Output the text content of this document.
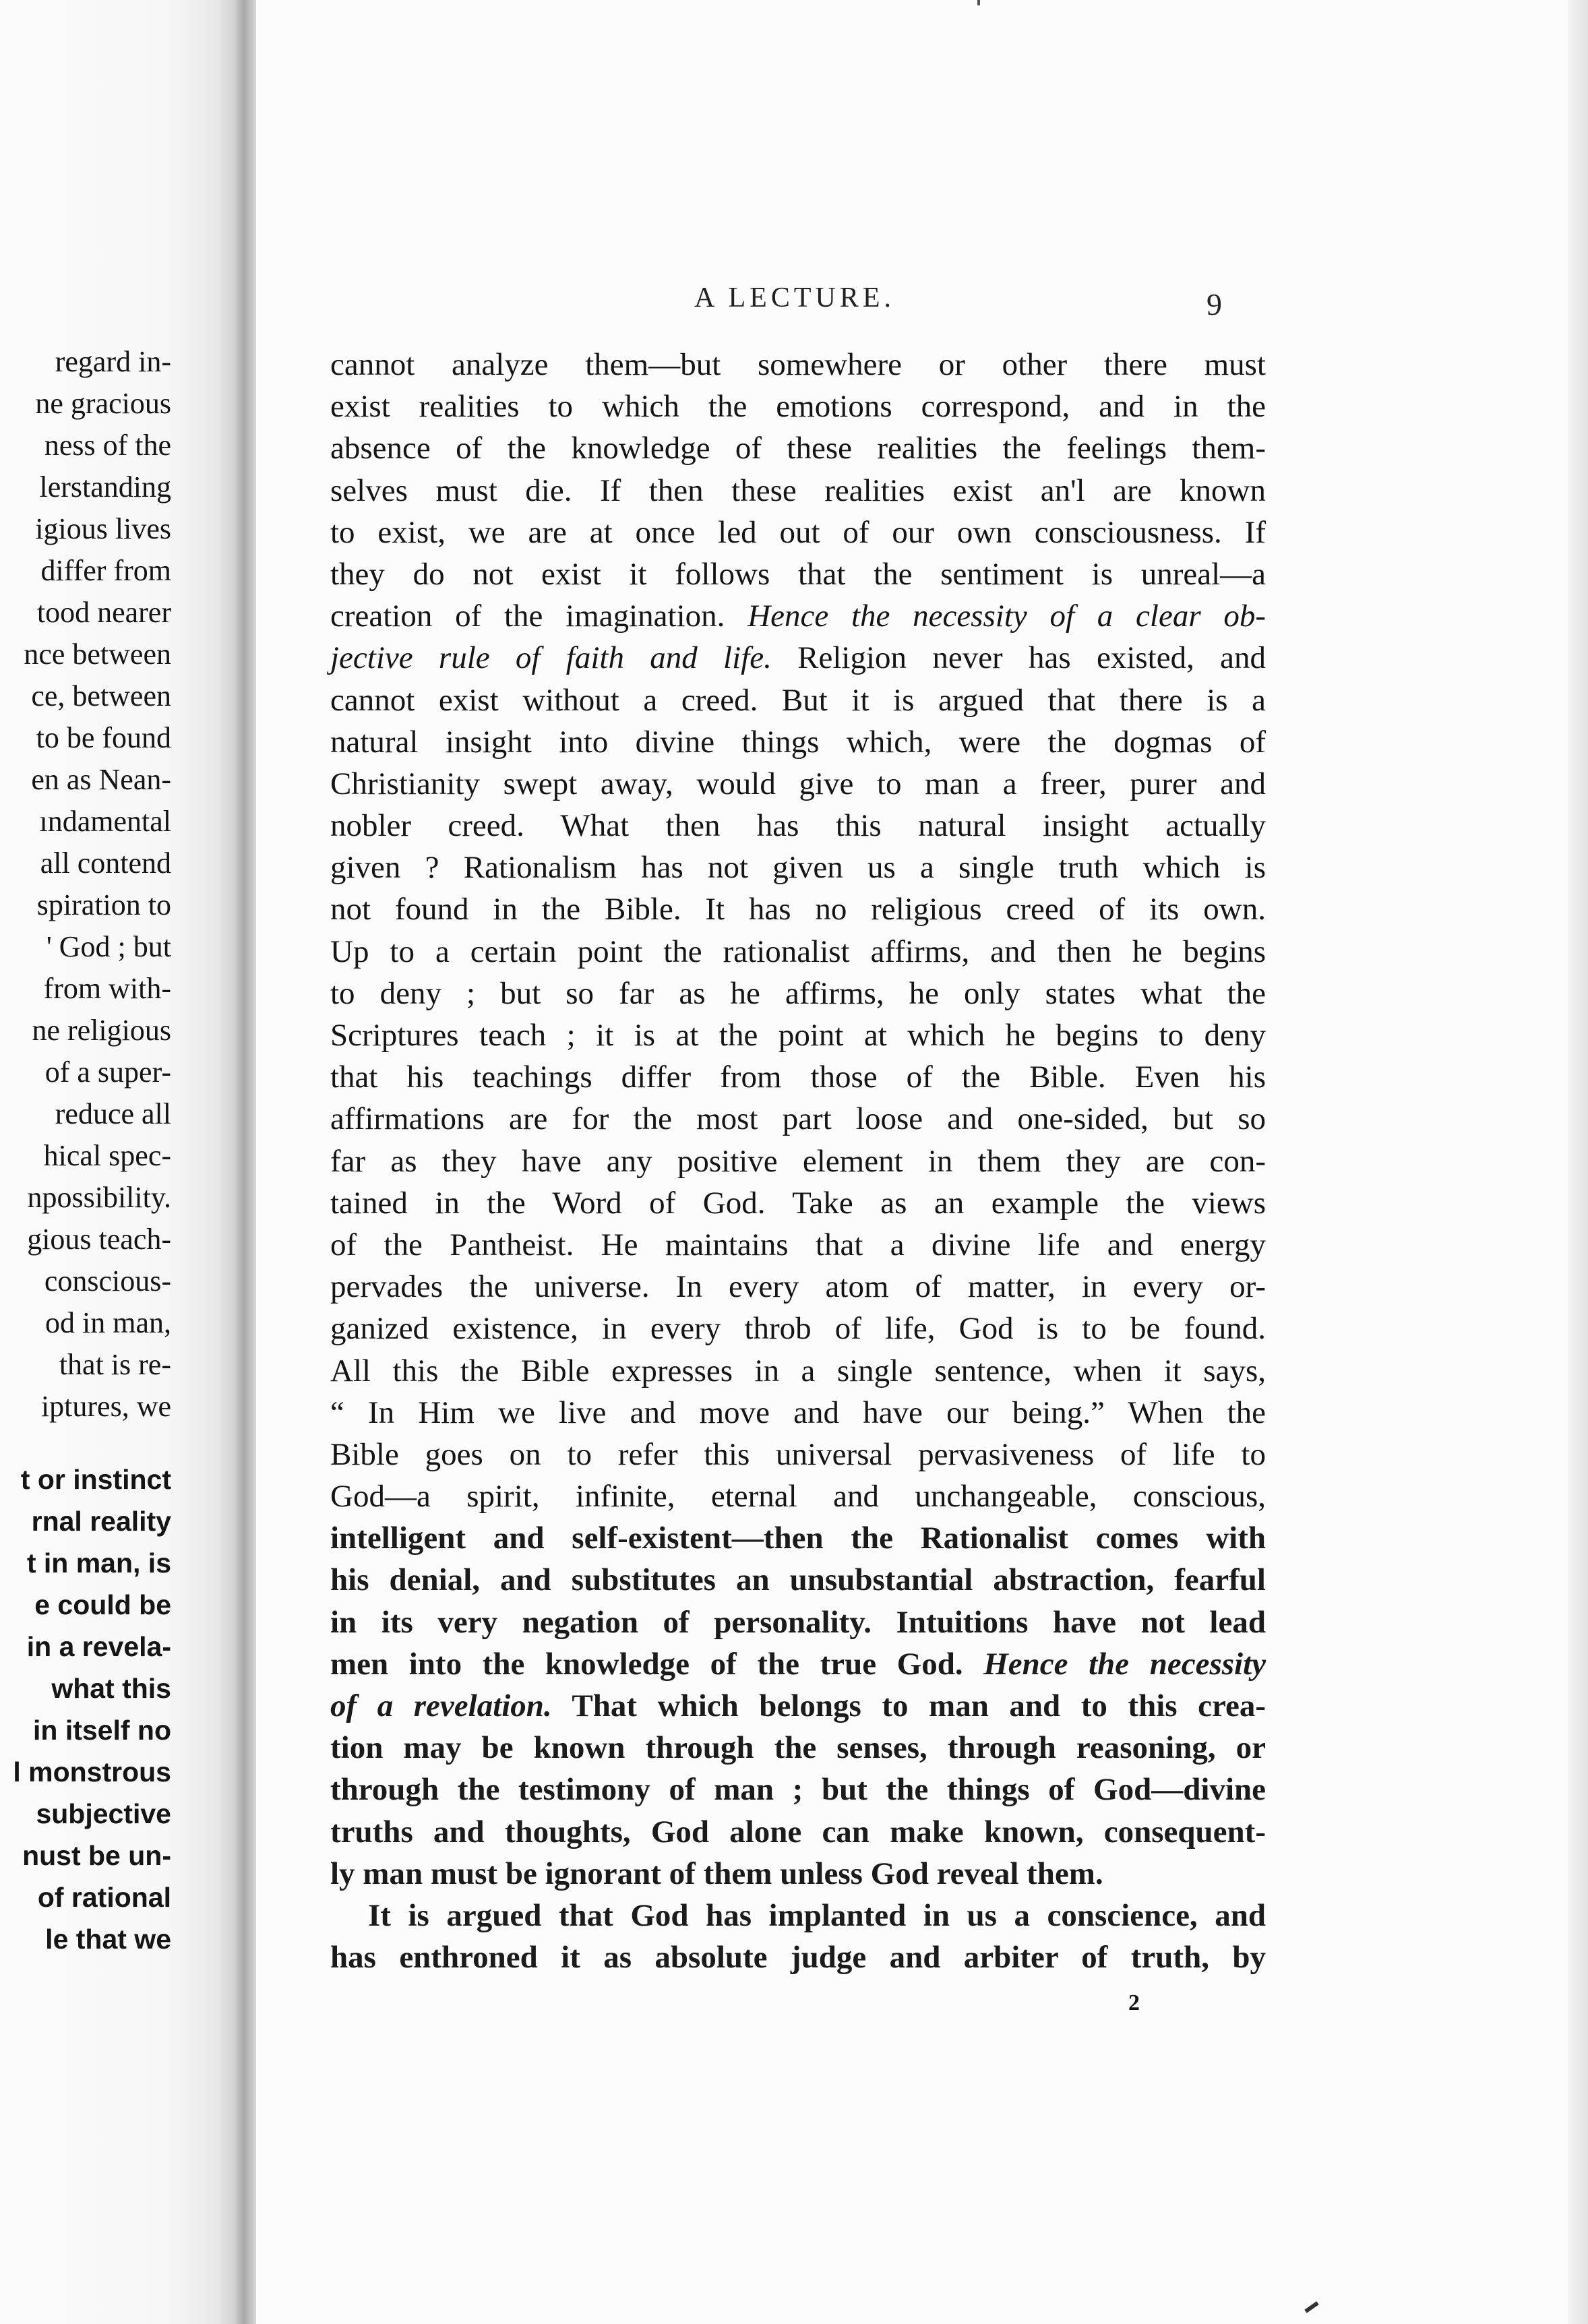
regard in-
ne gracious
ness of the
lerstanding
igious lives
differ from
tood nearer
nce between
ce, between
to be found
en as Nean-
ındamental
all contend
spiration to
' God ; but
from with-
ne religious
of a super-
reduce all
hical spec-
npossibility.
gious teach-
conscious-
od in man,
that is re-
iptures, we
t or instinct
rnal reality
t in man, is
e could be
in a revela-
what this
in itself no
l monstrous
subjective
nust be un-
of rational
le that we
A LECTURE.	9
cannot analyze them—but somewhere or other there must
exist realities to which the emotions correspond, and in the
absence of the knowledge of these realities the feelings them-
selves must die. If then these realities exist an'l are known
to exist, we are at once led out of our own consciousness. If
they do not exist it follows that the sentiment is unreal—a
creation of the imagination. Hence the necessity of a clear ob-
jective rule of faith and life. Religion never has existed, and
cannot exist without a creed. But it is argued that there is a
natural insight into divine things which, were the dogmas of
Christianity swept away, would give to man a freer, purer and
nobler creed. What then has this natural insight actually
given ? Rationalism has not given us a single truth which is
not found in the Bible. It has no religious creed of its own.
Up to a certain point the rationalist affirms, and then he begins
to deny ; but so far as he affirms, he only states what the
Scriptures teach ; it is at the point at which he begins to deny
that his teachings differ from those of the Bible. Even his
affirmations are for the most part loose and one-sided, but so
far as they have any positive element in them they are con-
tained in the Word of God. Take as an example the views
of the Pantheist. He maintains that a divine life and energy
pervades the universe. In every atom of matter, in every or-
ganized existence, in every throb of life, God is to be found.
All this the Bible expresses in a single sentence, when it says,
“ In Him we live and move and have our being.” When the
Bible goes on to refer this universal pervasiveness of life to
God—a spirit, infinite, eternal and unchangeable, conscious,
intelligent and self-existent—then the Rationalist comes with
his denial, and substitutes an unsubstantial abstraction, fearful
in its very negation of personality. Intuitions have not lead
men into the knowledge of the true God. Hence the necessity
of a revelation. That which belongs to man and to this crea-
tion may be known through the senses, through reasoning, or
through the testimony of man ; but the things of God—divine
truths and thoughts, God alone can make known, consequent-
ly man must be ignorant of them unless God reveal them.
It is argued that God has implanted in us a conscience, and
has enthroned it as absolute judge and arbiter of truth, by
2
